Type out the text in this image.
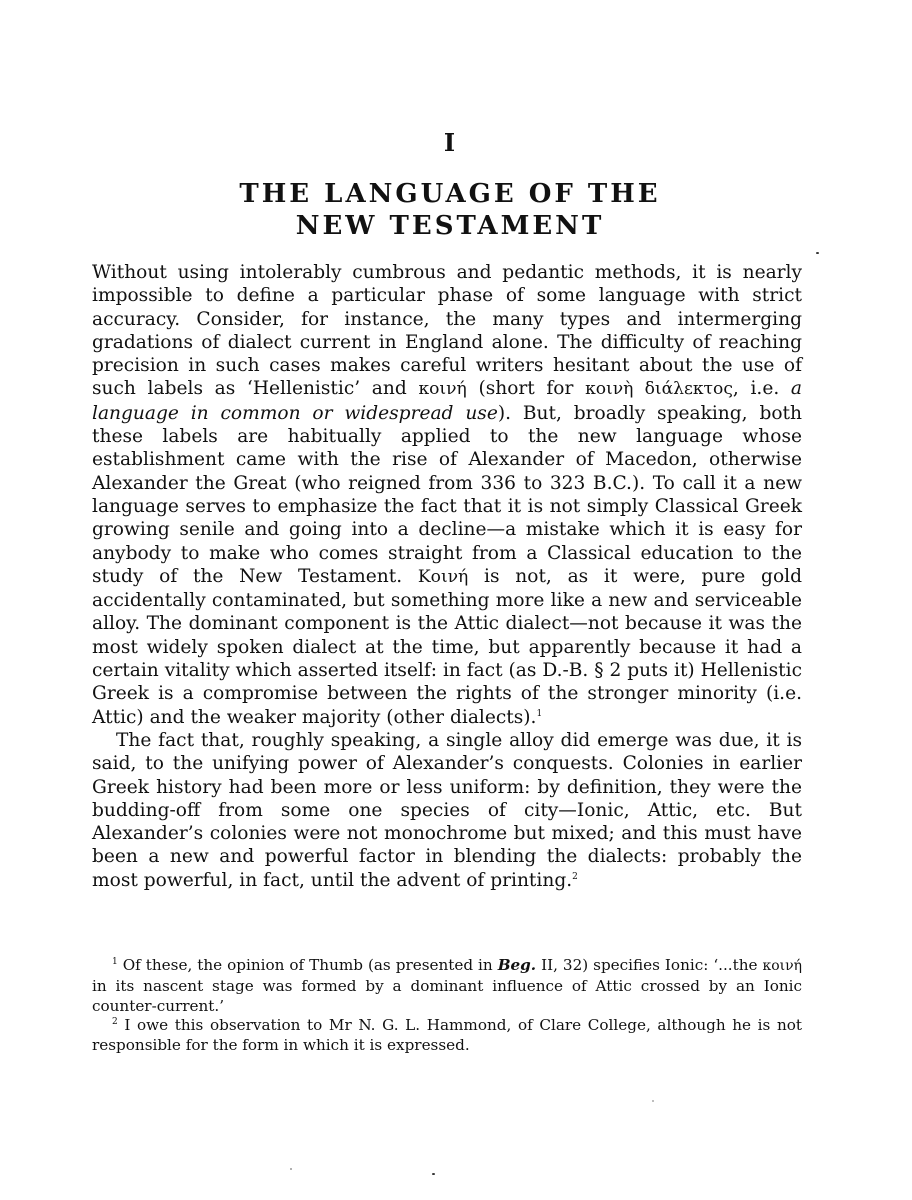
I
THE LANGUAGE OF THE
NEW TESTAMENT

Without using intolerably cumbrous and pedantic methods, it is nearly impossible to define a particular phase of some language with strict accuracy. Consider, for instance, the many types and intermerging gradations of dialect current in England alone. The difficulty of reaching precision in such cases makes careful writers hesitant about the use of such labels as ‘Hellenistic’ and κοινή (short for κοινὴ διάλεκτος, i.e. a language in common or widespread use). But, broadly speaking, both these labels are habitually applied to the new language whose establishment came with the rise of Alexander of Macedon, otherwise Alexander the Great (who reigned from 336 to 323 B.C.). To call it a new language serves to emphasize the fact that it is not simply Classical Greek growing senile and going into a decline—a mistake which it is easy for anybody to make who comes straight from a Classical education to the study of the New Testament. Κοινή is not, as it were, pure gold accidentally contaminated, but something more like a new and serviceable alloy. The dominant component is the Attic dialect—not because it was the most widely spoken dialect at the time, but apparently because it had a certain vitality which asserted itself: in fact (as D.-B. § 2 puts it) Hellenistic Greek is a compromise between the rights of the stronger minority (i.e. Attic) and the weaker majority (other dialects).$^1$

The fact that, roughly speaking, a single alloy did emerge was due, it is said, to the unifying power of Alexander’s conquests. Colonies in earlier Greek history had been more or less uniform: by definition, they were the budding-off from some one species of city—Ionic, Attic, etc. But Alexander’s colonies were not monochrome but mixed; and this must have been a new and powerful factor in blending the dialects: probably the most powerful, in fact, until the advent of printing.$^2$

$^1$ Of these, the opinion of Thumb (as presented in Beg. II, 32) specifies Ionic: ‘...the κοινή in its nascent stage was formed by a dominant influence of Attic crossed by an Ionic counter-current.’

$^2$ I owe this observation to Mr N. G. L. Hammond, of Clare College, although he is not responsible for the form in which it is expressed.
